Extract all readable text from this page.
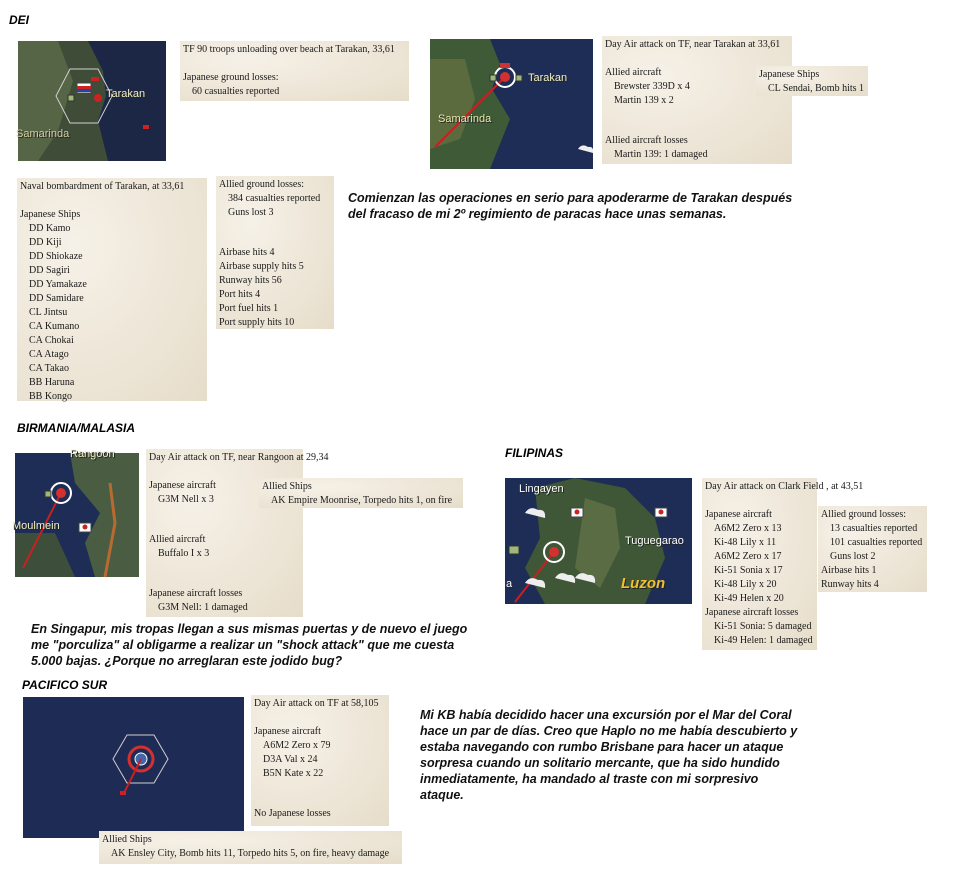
DEI
Tarakan
Samarinda
TF 90 troops unloading over beach at Tarakan, 33,61
Japanese ground losses:
60 casualties reported
Tarakan
Samarinda
Day Air attack on TF, near Tarakan at 33,61
Allied aircraft
Brewster 339D x 4
Martin 139 x 2
Allied aircraft losses
Martin 139: 1 damaged
Japanese Ships
CL Sendai, Bomb hits 1
Naval bombardment of Tarakan, at 33,61
Japanese Ships
DD Kamo
DD Kiji
DD Shiokaze
DD Sagiri
DD Yamakaze
DD Samidare
CL Jintsu
CA Kumano
CA Chokai
CA Atago
CA Takao
BB Haruna
BB Kongo
Allied ground losses:
384 casualties reported
Guns lost 3
Airbase hits 4
Airbase supply hits 5
Runway hits 56
Port hits 4
Port fuel hits 1
Port supply hits 10
Comienzan las operaciones en serio para apoderarme de Tarakan después del fracaso de mi 2º regimiento de paracas hace unas semanas.
BIRMANIA/MALASIA
Rangoon
Moulmein
Day Air attack on TF, near Rangoon at 29,34
Japanese aircraft
G3M Nell x 3
Allied aircraft
Buffalo I x 3
Japanese aircraft losses
G3M Nell: 1 damaged
Allied Ships
AK Empire Moonrise, Torpedo hits 1, on fire
En Singapur, mis tropas llegan a sus mismas puertas y de nuevo el juego me "porculiza" al obligarme a realizar un "shock attack" que me cuesta 5.000 bajas. ¿Porque no arreglaran este jodido bug?
FILIPINAS
Lingayen
Tuguegarao
Luzon
a
Day Air attack on Clark Field , at 43,51
Japanese aircraft
A6M2 Zero x 13
Ki-48 Lily x 11
A6M2 Zero x 17
Ki-51 Sonia x 17
Ki-48 Lily x 20
Ki-49 Helen x 20
Japanese aircraft losses
Ki-51 Sonia: 5 damaged
Ki-49 Helen: 1 damaged
Allied ground losses:
13 casualties reported
101 casualties reported
Guns lost 2
Airbase hits 1
Runway hits 4
PACIFICO SUR
Day Air attack on TF at 58,105
Japanese aircraft
A6M2 Zero x 79
D3A Val x 24
B5N Kate x 22
No Japanese losses
Allied Ships
AK Ensley City, Bomb hits 11, Torpedo hits 5, on fire, heavy damage
Mi KB había decidido hacer una excursión por el Mar del Coral hace un par de días. Creo que Haplo no me había descubierto y estaba navegando con rumbo Brisbane para hacer un ataque sorpresa cuando un solitario mercante, que ha sido hundido inmediatamente, ha mandado al traste con mi sorpresivo ataque.
